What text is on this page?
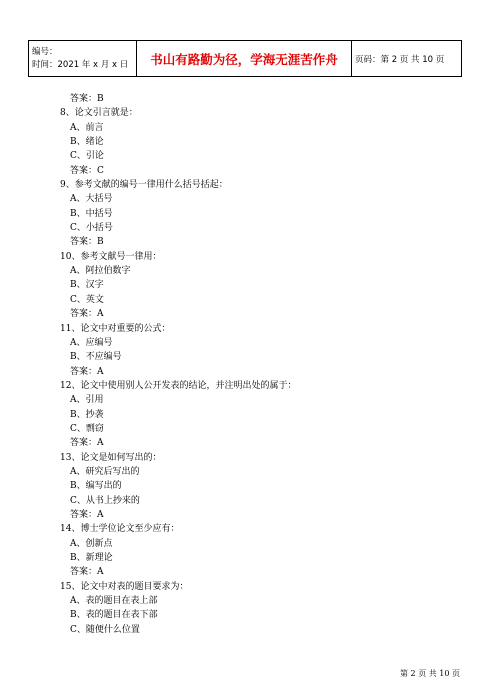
编号：
时间：2021 年 x 月 x 日	书山有路勤为径，学海无涯苦作舟 页码：第 2 页 共 10 页
答案：B
8、论文引言就是：
A、前言
B、绪论
C、引论
答案：C
9、参考文献的编号一律用什么括号括起：
A、大括号
B、中括号
C、小括号
答案：B
10、参考文献号一律用：
A、阿拉伯数字
B、汉字
C、英文
答案：A
11、论文中对重要的公式：
A、应编号
B、不应编号
答案：A
12、论文中使用别人公开发表的结论，并注明出处的属于：
A、引用
B、抄袭
C、剽窃
答案：A
13、论文是如何写出的：
A、研究后写出的
B、编写出的
C、从书上抄来的
答案：A
14、博士学位论文至少应有：
A、创新点
B、新理论
答案：A
15、论文中对表的题目要求为：
A、表的题目在表上部
B、表的题目在表下部
C、随便什么位置
第 2 页 共 10 页
